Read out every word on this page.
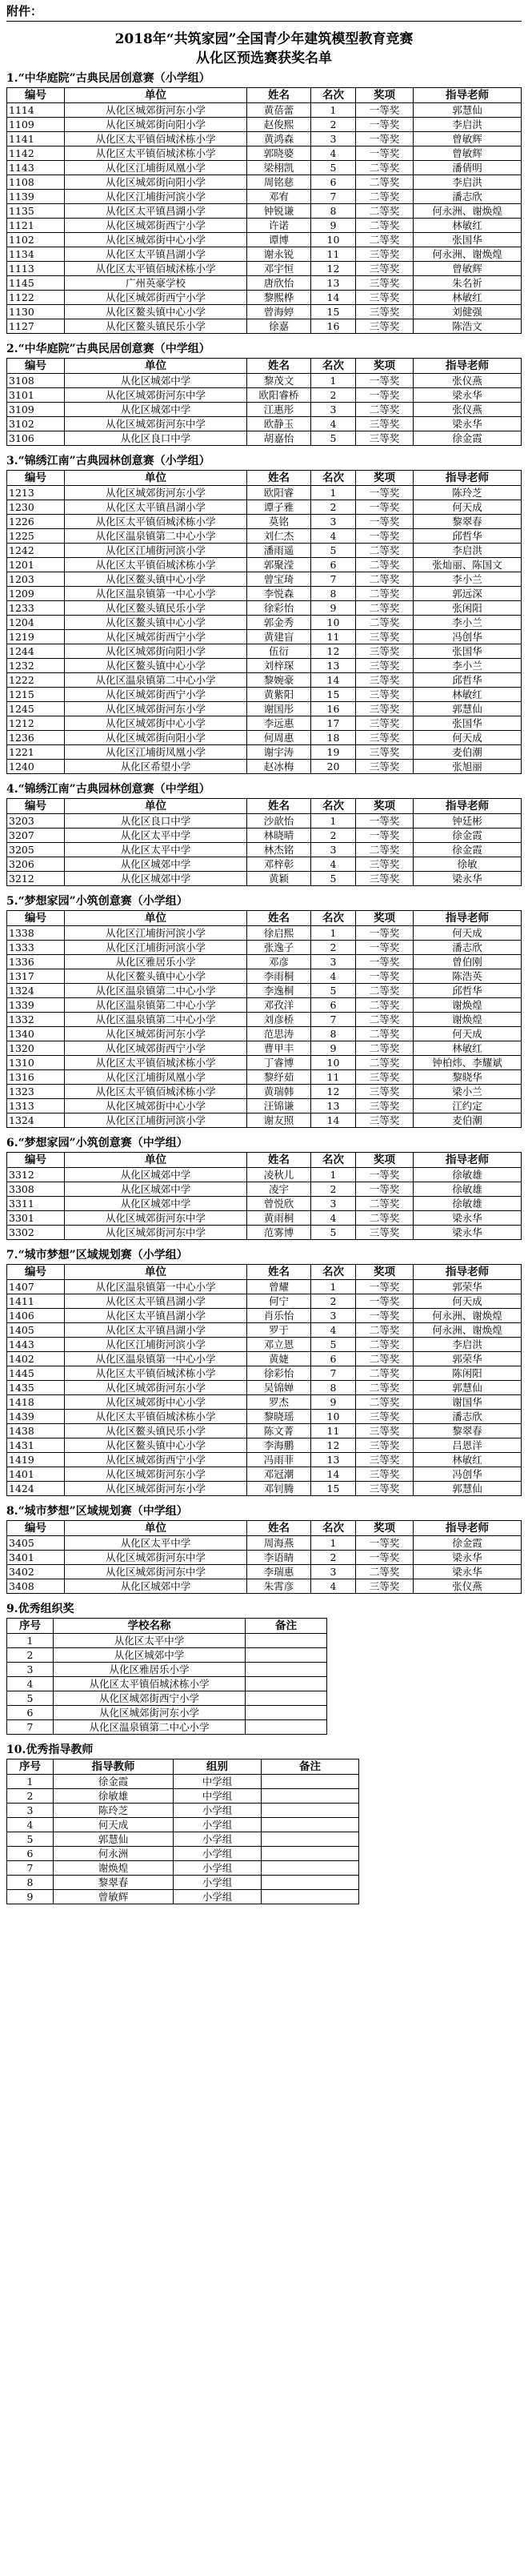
附件：
2018年“共筑家园”全国青少年建筑模型教育竞赛
从化区预选赛获奖名单
1.“中华庭院”古典民居创意赛（小学组）
编号	单位	姓名	名次	奖项	指导老师
1114	从化区城郊街河东小学	黄蓓蕾	1	一等奖	郭慧仙
1109	从化区城郊街向阳小学	赵俊熙	2	一等奖	李启洪
1141	从化区太平镇佰城沭栋小学	黄鸿森	3	一等奖	曾敏辉
1142	从化区太平镇佰城沭栋小学	郭晓婆	4	一等奖	曾敏辉
1143	从化区江埔街凤凰小学	梁栩凯	5	二等奖	潘倩明
1108	从化区城郊街向阳小学	周铭慈	6	二等奖	李启洪
1139	从化区江埔街河滨小学	邓宥	7	二等奖	潘志欣
1135	从化区太平镇昌湖小学	钟锐谦	8	二等奖	何永洲、谢焕煌
1121	从化区城郊街西宁小学	许诺	9	二等奖	林敏红
1102	从化区城郊街中心小学	谭博	10	二等奖	张国华
1134	从化区太平镇昌湖小学	谢永锐	11	三等奖	何永洲、谢焕煌
1113	从化区太平镇佰城沭栋小学	邓宇恒	12	三等奖	曾敏辉
1145	广州英豪学校	唐欣怡	13	三等奖	朱名祈
1122	从化区城郊街西宁小学	黎熙桦	14	三等奖	林敏红
1130	从化区鳌头镇中心小学	曾海婷	15	三等奖	刘健强
1127	从化区鳌头镇民乐小学	徐嘉	16	三等奖	陈浩文
2.“中华庭院”古典民居创意赛（中学组）
编号	单位	姓名	名次	奖项	指导老师
3108	从化区城郊中学	黎茂文	1	一等奖	张仪燕
3101	从化区城郊街河东中学	欧阳睿桥	2	一等奖	梁永华
3109	从化区城郊中学	江惠彤	3	二等奖	张仪燕
3102	从化区城郊街河东中学	欧静玉	4	三等奖	梁永华
3106	从化区良口中学	胡嘉怡	5	三等奖	徐金霞
3.“锦绣江南”古典园林创意赛（小学组）
编号	单位	姓名	名次	奖项	指导老师
1213	从化区城郊街河东小学	欧阳睿	1	一等奖	陈玲芝
1230	从化区太平镇昌湖小学	谭子雅	2	一等奖	何天成
1226	从化区太平镇佰城沭栋小学	莫铭	3	一等奖	黎翠春
1225	从化区温泉镇第二中心小学	刘仁杰	4	一等奖	邱哲华
1242	从化区江埔街河滨小学	潘雨遥	5	二等奖	李启洪
1201	从化区太平镇佰城沭栋小学	郭聚滢	6	二等奖	张灿丽、陈国文
1203	从化区鳌头镇中心小学	曾宝琦	7	二等奖	李小兰
1209	从化区温泉镇第一中心小学	李悦森	8	二等奖	郭远深
1233	从化区鳌头镇民乐小学	徐彩怡	9	二等奖	张闲阳
1204	从化区鳌头镇中心小学	郭金秀	10	二等奖	李小兰
1219	从化区城郊街西宁小学	黄建盲	11	三等奖	冯创华
1244	从化区城郊街向阳小学	伍衍	12	三等奖	张国华
1232	从化区鳌头镇中心小学	刘梓琛	13	三等奖	李小兰
1222	从化区温泉镇第二中心小学	黎婉豪	14	三等奖	邱哲华
1215	从化区城郊街西宁小学	黄紫阳	15	三等奖	林敏红
1245	从化区城郊街河东小学	谢国彤	16	三等奖	郭慧仙
1212	从化区城郊街中心小学	李远惠	17	三等奖	张国华
1236	从化区城郊街向阳小学	何周惠	18	三等奖	何天成
1221	从化区江埔街凤凰小学	谢宇涛	19	三等奖	麦伯潮
1240	从化区希望小学	赵冰梅	20	三等奖	张旭丽
4.“锦绣江南”古典园林创意赛（中学组）
编号	单位	姓名	名次	奖项	指导老师
3203	从化区良口中学	沙歆怡	1	一等奖	钟廷彬
3207	从化区太平中学	林晓晴	2	一等奖	徐金霞
3205	从化区太平中学	林杰铭	3	二等奖	徐金霞
3206	从化区城郊中学	邓梓彰	4	三等奖	徐敏
3212	从化区城郊中学	黄颖	5	三等奖	梁永华
5.“梦想家园”小筑创意赛（小学组）
编号	单位	姓名	名次	奖项	指导老师
1338	从化区江埔街河滨小学	徐启熙	1	一等奖	何天成
1333	从化区江埔街河滨小学	张逸子	2	一等奖	潘志欣
1336	从化区雅居乐小学	邓彦	3	一等奖	曾伯刚
1317	从化区鳌头镇中心小学	李雨桐	4	一等奖	陈浩英
1324	从化区温泉镇第二中心小学	李逸桐	5	二等奖	邱哲华
1339	从化区温泉镇第二中心小学	邓孜洋	6	二等奖	谢焕煌
1332	从化区温泉镇第二中心小学	刘彦桥	7	二等奖	谢焕煌
1340	从化区城郊街河东小学	范思涛	8	二等奖	何天成
1320	从化区城郊街西宁小学	曹甲丰	9	二等奖	林敏红
1310	从化区太平镇佰城沭栋小学	丁睿博	10	二等奖	钟柏炜、李耀斌
1316	从化区江埔街凤凰小学	黎纾茹	11	三等奖	黎晓华
1323	从化区太平镇佰城沭栋小学	黄瑞韩	12	三等奖	梁小兰
1313	从化区城郊街中心小学	汪锦谦	13	三等奖	江约定
1324	从化区江埔街河滨小学	谢友照	14	三等奖	麦伯潮
6.“梦想家园”小筑创意赛（中学组）
编号	单位	姓名	名次	奖项	指导老师
3312	从化区城郊中学	凌秋儿	1	一等奖	徐敏雄
3308	从化区城郊中学	凌宇	2	一等奖	徐敏雄
3311	从化区城郊中学	曾悦欣	3	二等奖	徐敏雄
3301	从化区城郊街河东中学	黄雨桐	4	二等奖	梁永华
3302	从化区城郊街河东中学	范雾博	5	三等奖	梁永华
7.“城市梦想”区域规划赛（小学组）
编号	单位	姓名	名次	奖项	指导老师
1407	从化区温泉镇第一中心小学	曾耀	1	一等奖	郭荣华
1411	从化区太平镇昌湖小学	何宁	2	一等奖	何天成
1406	从化区太平镇昌湖小学	肖乐怡	3	一等奖	何永洲、谢焕煌
1405	从化区太平镇昌湖小学	罗于	4	二等奖	何永洲、谢焕煌
1443	从化区江埔街河滨小学	邓立恩	5	二等奖	李启洪
1402	从化区温泉镇第一中心小学	黄婕	6	二等奖	郭荣华
1445	从化区太平镇佰城沭栋小学	徐彩怡	7	二等奖	陈闲阳
1435	从化区城郊街河东小学	吴锦婵	8	二等奖	郭慧仙
1418	从化区城郊街中心小学	罗杰	9	二等奖	谢国华
1439	从化区太平镇佰城沭栋小学	黎晓瑶	10	三等奖	潘志欣
1438	从化区鳌头镇民乐小学	陈文菁	11	三等奖	黎翠春
1431	从化区鳌头镇中心小学	李海鹏	12	三等奖	吕恩洋
1419	从化区城郊街西宁小学	冯雨菲	13	三等奖	林敏红
1401	从化区城郊街河东小学	邓冠潮	14	三等奖	冯创华
1424	从化区城郊街河东小学	邓钊腾	15	三等奖	郭慧仙
8.“城市梦想”区域规划赛（中学组）
编号	单位	姓名	名次	奖项	指导老师
3405	从化区太平中学	周海燕	1	一等奖	徐金霞
3401	从化区城郊街河东中学	李语睛	2	一等奖	梁永华
3402	从化区城郊街河东中学	李瑞惠	3	二等奖	梁永华
3408	从化区城郊中学	朱霄彦	4	三等奖	张仪燕
9.优秀组织奖
序号	学校名称	备注
1	从化区太平中学	
2	从化区城郊中学	
3	从化区雅居乐小学	
4	从化区太平镇佰城沭栋小学	
5	从化区城郊街西宁小学	
6	从化区城郊街河东小学	
7	从化区温泉镇第二中心小学	
10.优秀指导教师
序号	指导教师	组别	备注
1	徐金霞	中学组	
2	徐敏雄	中学组	
3	陈玲芝	小学组	
4	何天成	小学组	
5	郭慧仙	小学组	
6	何永洲	小学组	
7	谢焕煌	小学组	
8	黎翠春	小学组	
9	曾敏辉	小学组	
